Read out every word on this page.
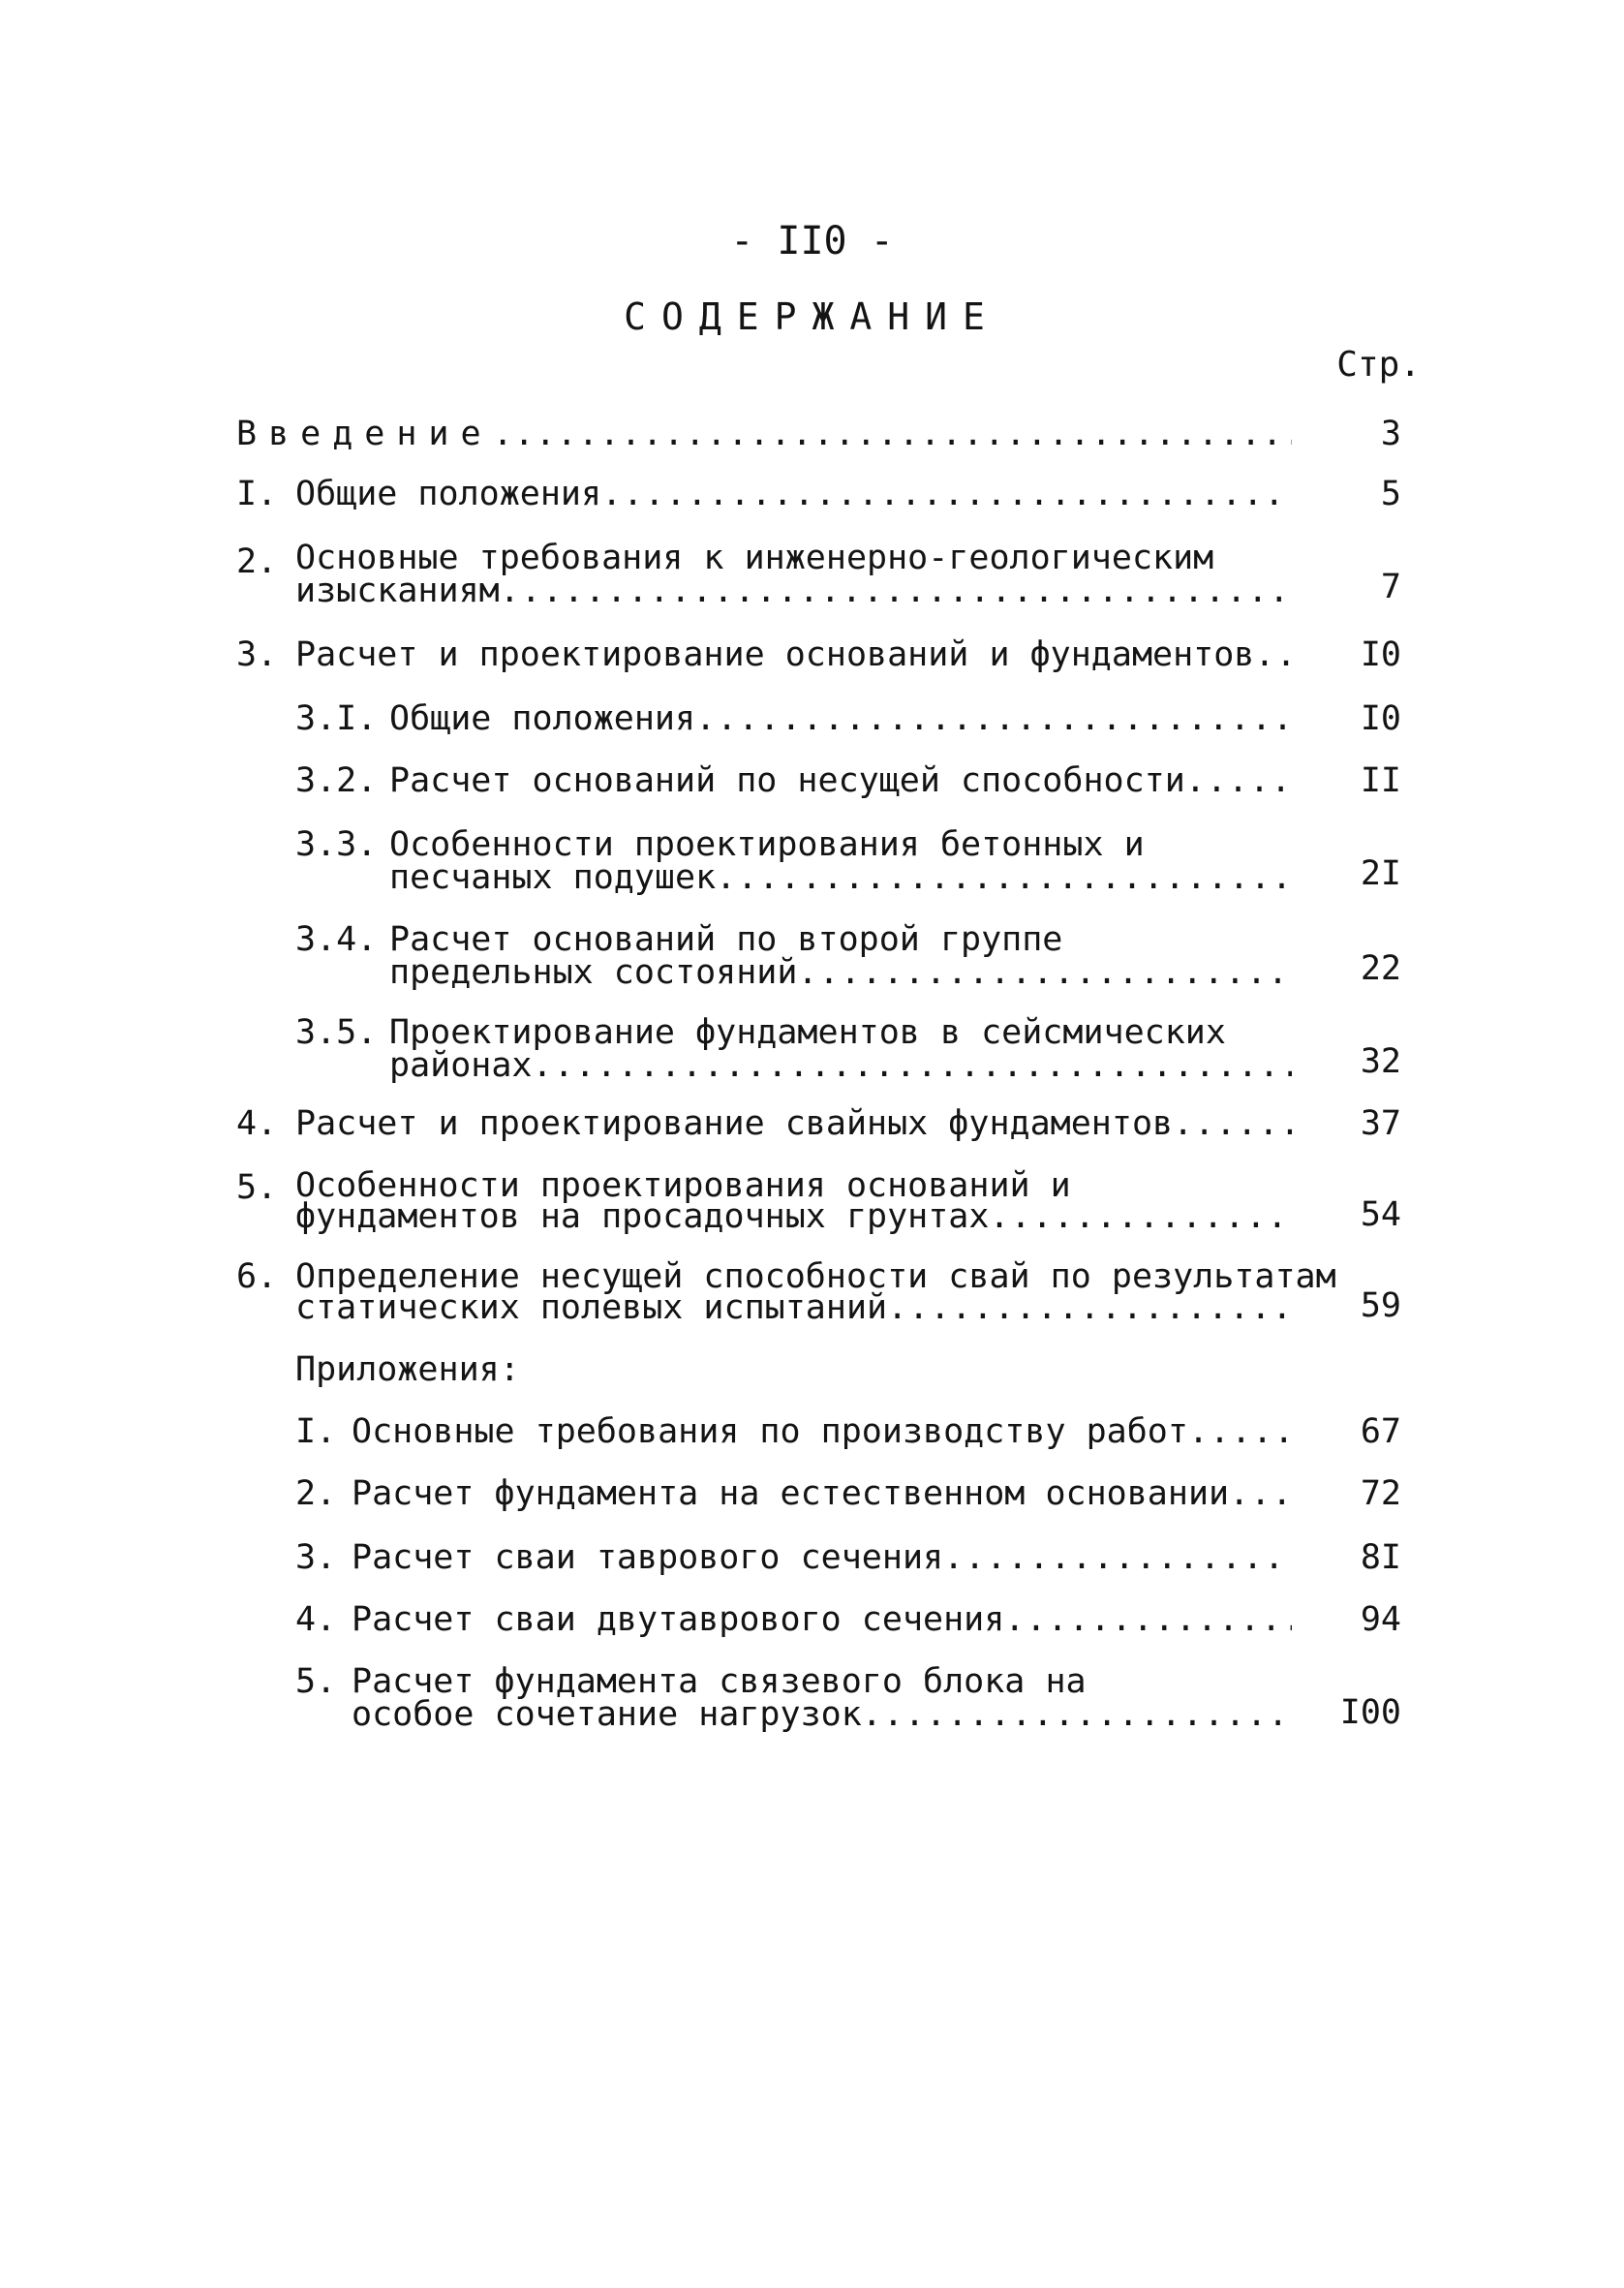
- II0 -
СОДЕРЖАНИЕ
Стр.
Введение .....	3
I. Общие положения .....	5
2. Основные требования к инженерно-геологическим
изысканиям .....	7
3. Расчет и проектирование оснований и фундаментов .....	I0
3.I. Общие положения .....	I0
3.2. Расчет оснований по несущей способности .....	II
3.3. Особенности проектирования бетонных и
песчаных подушек .....	2I
3.4. Расчет оснований по второй группе
предельных состояний .....	22
3.5. Проектирование фундаментов в сейсмических
районах .....	32
4. Расчет и проектирование свайных фундаментов .....	37
5. Особенности проектирования оснований и
фундаментов на просадочных грунтах .....	54
6. Определение несущей способности свай по результатам
статических полевых испытаний .....	59
Приложения:
I. Основные требования по производству работ .....	67
2. Расчет фундамента на естественном основании .....	72
3. Расчет сваи таврового сечения .....	8I
4. Расчет сваи двутаврового сечения .....	94
5. Расчет фундамента связевого блока на
особое сочетание нагрузок .....	I00
